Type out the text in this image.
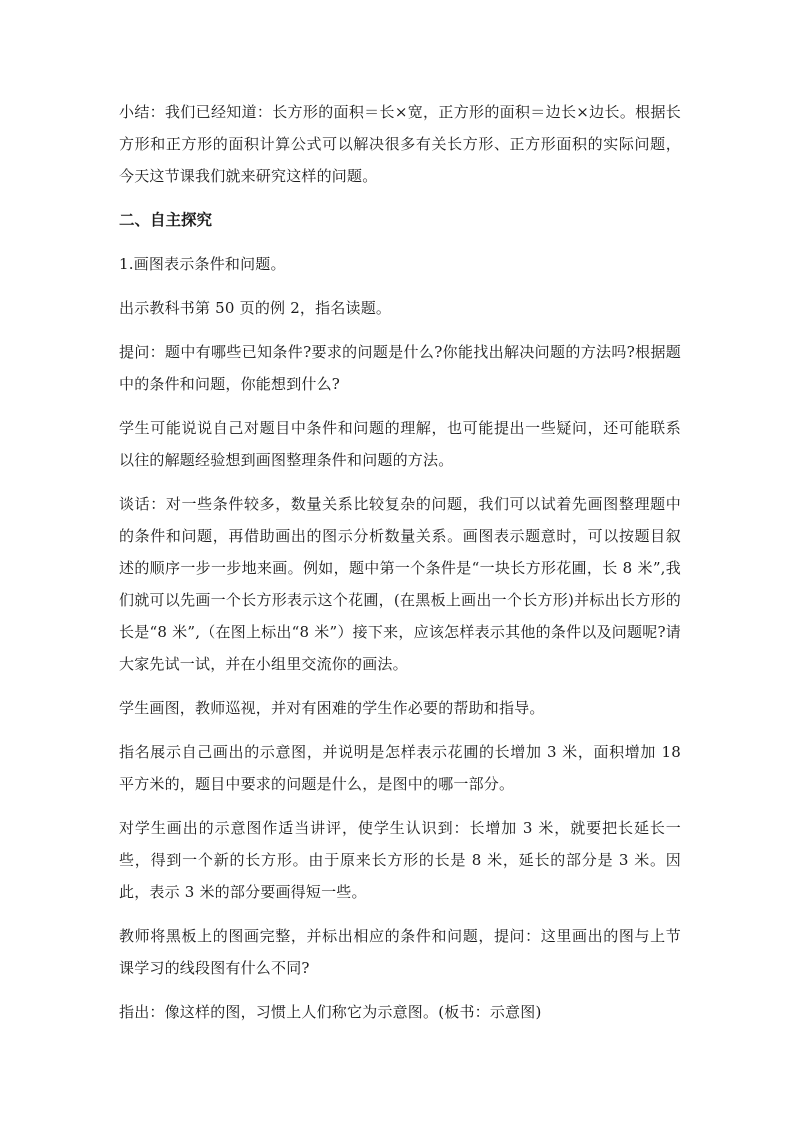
小结：我们已经知道：长方形的面积＝长×宽，正方形的面积＝边长×边长。根据长方形和正方形的面积计算公式可以解决很多有关长方形、正方形面积的实际问题，今天这节课我们就来研究这样的问题。

二、自主探究

1.画图表示条件和问题。

出示教科书第 50 页的例 2，指名读题。

提问：题中有哪些已知条件?要求的问题是什么?你能找出解决问题的方法吗?根据题中的条件和问题，你能想到什么?

学生可能说说自己对题目中条件和问题的理解，也可能提出一些疑问，还可能联系以往的解题经验想到画图整理条件和问题的方法。

谈话：对一些条件较多，数量关系比较复杂的问题，我们可以试着先画图整理题中的条件和问题，再借助画出的图示分析数量关系。画图表示题意时，可以按题目叙述的顺序一步一步地来画。例如，题中第一个条件是“一块长方形花圃，长 8 米”,我们就可以先画一个长方形表示这个花圃，(在黑板上画出一个长方形)并标出长方形的长是“8 米”,（在图上标出“8 米”）接下来，应该怎样表示其他的条件以及问题呢?请大家先试一试，并在小组里交流你的画法。

学生画图，教师巡视，并对有困难的学生作必要的帮助和指导。

指名展示自己画出的示意图，并说明是怎样表示花圃的长增加 3 米，面积增加 18 平方米的，题目中要求的问题是什么，是图中的哪一部分。

对学生画出的示意图作适当讲评，使学生认识到：长增加 3 米，就要把长延长一些，得到一个新的长方形。由于原来长方形的长是 8 米，延长的部分是 3 米。因此，表示 3 米的部分要画得短一些。

教师将黑板上的图画完整，并标出相应的条件和问题，提问：这里画出的图与上节课学习的线段图有什么不同?

指出：像这样的图，习惯上人们称它为示意图。(板书：示意图)
